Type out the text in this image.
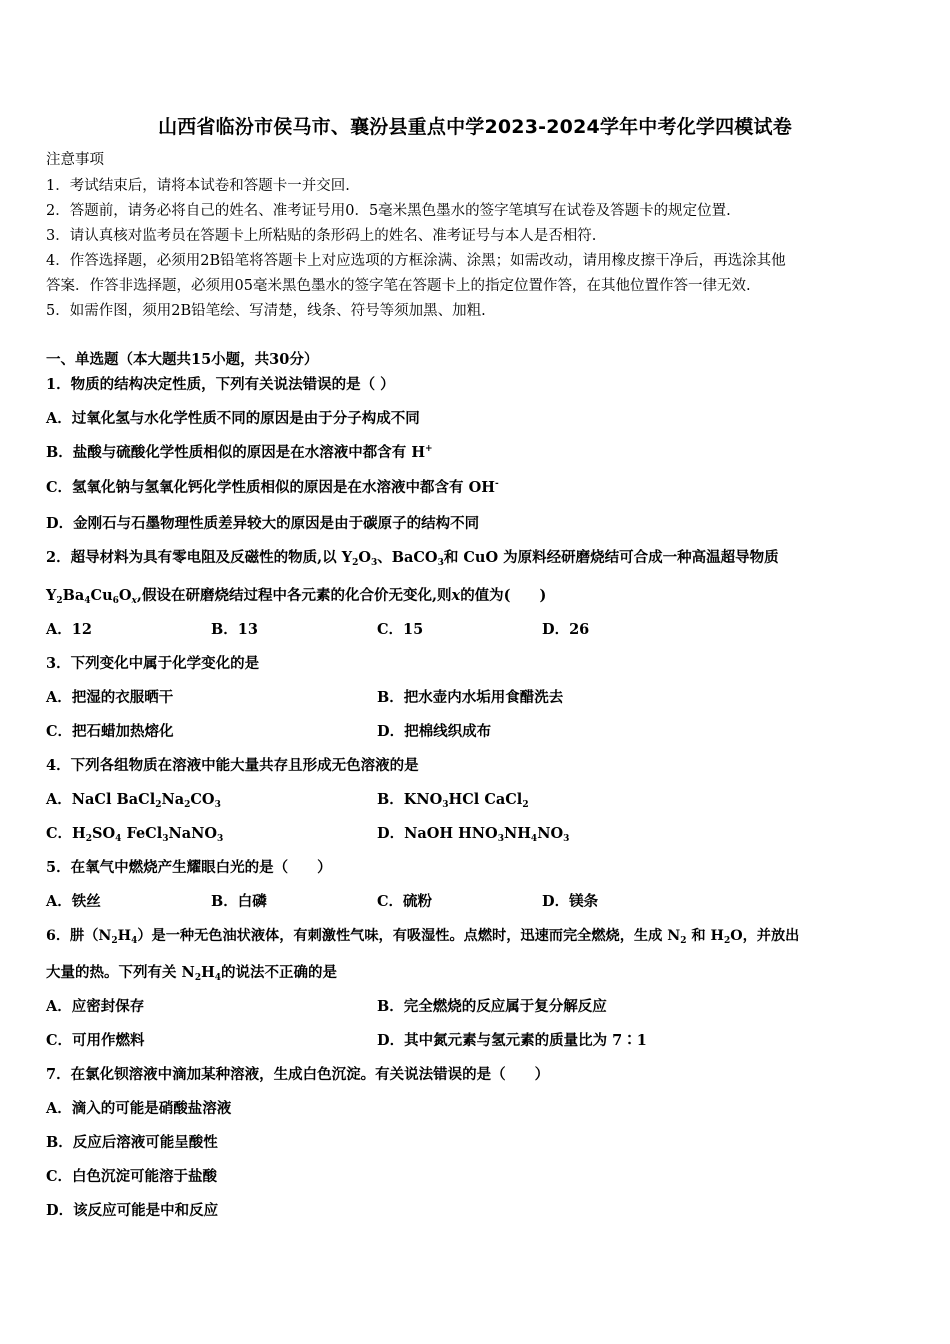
山西省临汾市侯马市、襄汾县重点中学2023-2024学年中考化学四模试卷
注意事项
1．考试结束后，请将本试卷和答题卡一并交回.
2．答题前，请务必将自己的姓名、准考证号用0．5毫米黑色墨水的签字笔填写在试卷及答题卡的规定位置.
3．请认真核对监考员在答题卡上所粘贴的条形码上的姓名、准考证号与本人是否相符.
4．作答选择题，必须用2B铅笔将答题卡上对应选项的方框涂满、涂黑；如需改动，请用橡皮擦干净后，再选涂其他
答案．作答非选择题，必须用05毫米黑色墨水的签字笔在答题卡上的指定位置作答，在其他位置作答一律无效.
5．如需作图，须用2B铅笔绘、写清楚，线条、符号等须加黑、加粗.
一、单选题（本大题共15小题，共30分）
1．物质的结构决定性质，下列有关说法错误的是（ ）
A．过氧化氢与水化学性质不同的原因是由于分子构成不同
B．盐酸与硫酸化学性质相似的原因是在水溶液中都含有 H+
C．氢氧化钠与氢氧化钙化学性质相似的原因是在水溶液中都含有 OH-
D．金刚石与石墨物理性质差异较大的原因是由于碳原子的结构不同
2．超导材料为具有零电阻及反磁性的物质,以 $Y_2O_3$、BaCO$_3$和 CuO 为原料经研磨烧结可合成一种高温超导物质
$Y_2Ba_4Cu_6O_x$,假设在研磨烧结过程中各元素的化合价无变化,则x的值为(　　)
A．12	B．13	C．15	D．26
3．下列变化中属于化学变化的是
A．把湿的衣服晒干	B．把水壶内水垢用食醋洗去
C．把石蜡加热熔化	D．把棉线织成布
4．下列各组物质在溶液中能大量共存且形成无色溶液的是
A．NaCl $BaCl_2Na_2CO_3$	B．$KNO_3HCl$ CaCl$_2$
C．$H_2SO_4$ FeCl$_3$NaNO$_3$	D．NaOH $HNO_3NH_4NO_3$
5．在氧气中燃烧产生耀眼白光的是（　　）
A．铁丝	B．白磷	C．硫粉	D．镁条
6．肼$(N_2H_4)$是一种无色油状液体，有刺激性气味，有吸湿性。点燃时，迅速而完全燃烧，生成 $N_2$ 和 $H_2O$，并放出
大量的热。下列有关 $N_2H_4$的说法不正确的是
A．应密封保存	B．完全燃烧的反应属于复分解反应
C．可用作燃料	D．其中氮元素与氢元素的质量比为 7∶1
7．在氯化钡溶液中滴加某种溶液，生成白色沉淀。有关说法错误的是（　　）
A．滴入的可能是硝酸盐溶液
B．反应后溶液可能呈酸性
C．白色沉淀可能溶于盐酸
D．该反应可能是中和反应
